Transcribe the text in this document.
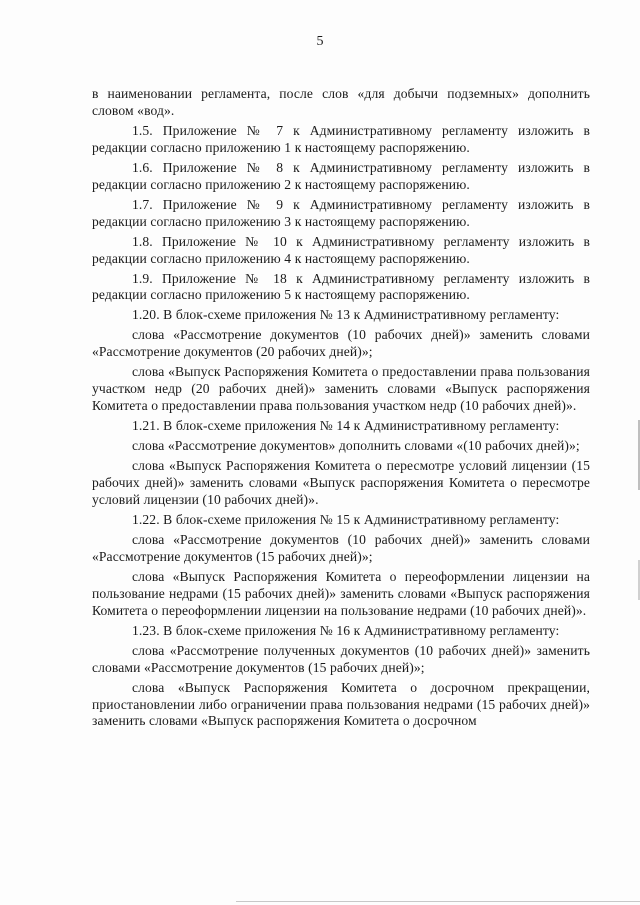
5

в наименовании регламента, после слов «для добычи подземных» дополнить словом «вод».

1.5. Приложение № 7 к Административному регламенту изложить в редакции согласно приложению 1 к настоящему распоряжению.

1.6. Приложение № 8 к Административному регламенту изложить в редакции согласно приложению 2 к настоящему распоряжению.

1.7. Приложение № 9 к Административному регламенту изложить в редакции согласно приложению 3 к настоящему распоряжению.

1.8. Приложение № 10 к Административному регламенту изложить в редакции согласно приложению 4 к настоящему распоряжению.

1.9. Приложение № 18 к Административному регламенту изложить в редакции согласно приложению 5 к настоящему распоряжению.

1.20. В блок-схеме приложения № 13 к Административному регламенту:

слова «Рассмотрение документов (10 рабочих дней)» заменить словами «Рассмотрение документов (20 рабочих дней)»;

слова «Выпуск Распоряжения Комитета о предоставлении права пользования участком недр (20 рабочих дней)» заменить словами «Выпуск распоряжения Комитета о предоставлении права пользования участком недр (10 рабочих дней)».

1.21. В блок-схеме приложения № 14 к Административному регламенту:

слова «Рассмотрение документов» дополнить словами «(10 рабочих дней)»;

слова «Выпуск Распоряжения Комитета о пересмотре условий лицензии (15 рабочих дней)» заменить словами «Выпуск распоряжения Комитета о пересмотре условий лицензии (10 рабочих дней)».

1.22. В блок-схеме приложения № 15 к Административному регламенту:

слова «Рассмотрение документов (10 рабочих дней)» заменить словами «Рассмотрение документов (15 рабочих дней)»;

слова «Выпуск Распоряжения Комитета о переоформлении лицензии на пользование недрами (15 рабочих дней)» заменить словами «Выпуск распоряжения Комитета о переоформлении лицензии на пользование недрами (10 рабочих дней)».

1.23. В блок-схеме приложения № 16 к Административному регламенту:

слова «Рассмотрение полученных документов (10 рабочих дней)» заменить словами «Рассмотрение документов (15 рабочих дней)»;

слова «Выпуск Распоряжения Комитета о досрочном прекращении, приостановлении либо ограничении права пользования недрами (15 рабочих дней)» заменить словами «Выпуск распоряжения Комитета о досрочном
